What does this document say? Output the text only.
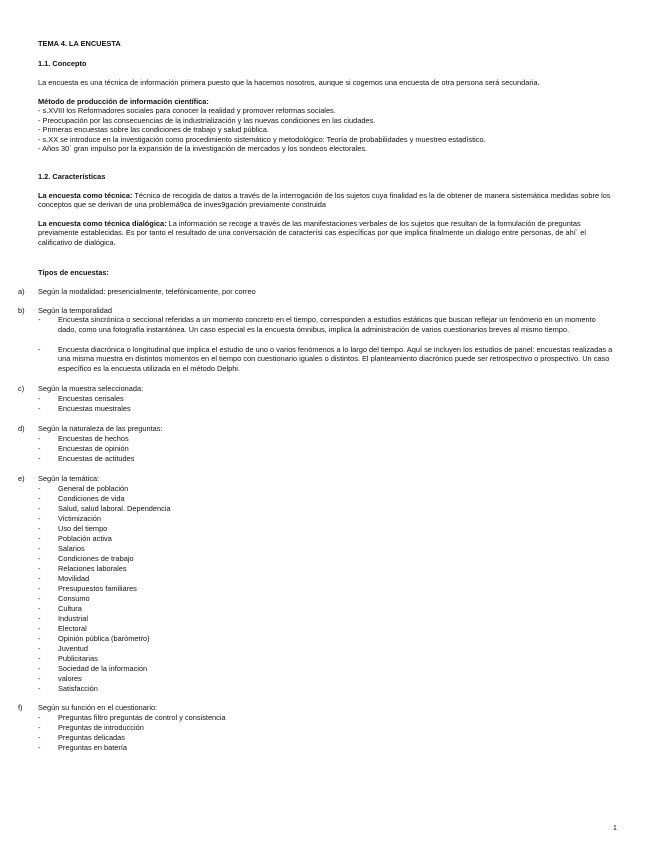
TEMA 4. LA ENCUESTA
1.1. Concepto
La encuesta es una técnica de información primera puesto que la hacemos nosotros, aunque si cogemos una encuesta de otra persona será secundaria.
Método de producción de información científica:
- s.XVIII los Reformadores sociales para conocer la realidad y promover reformas sociales.
- Preocupación por las consecuencias de la industrialización y las nuevas condiciones en las ciudades.
- Primeras encuestas sobre las condiciones de trabajo y salud pública.
- s.XX se introduce en la investigación como procedimiento sistemático y metodológico: Teoría de probabilidades y muestreo estadístico.
- Años 30´ gran impulso por la expansión de la investigación de mercados y los sondeos electorales.
1.2. Características
La encuesta como técnica: Técnica de recogida de datos a través de la interrogación de los sujetos cuya finalidad es la de obtener de manera sistemática medidas sobre los conceptos que se derivan de una problemá9ca de inves9gación previamente construida
La encuesta como técnica dialógica: La información se recoge a través de las manifestaciones verbales de los sujetos que resultan de la formulación de preguntas previamente establecidas. Es por tanto el resultado de una conversación de caracterísi cas específicas por que implica finalmente un dialogo entre personas, de ahí´ el calificativo de dialógica.
Tipos de encuestas:
a) Según la modalidad: presencialmente, telefónicamente, por correo
b) Según la temporalidad
- Encuesta sincrónica o seccional referidas a un momento concreto en el tiempo, corresponden a estudios estáticos que buscan reflejar un fenómeno en un momento dado, como una fotografía instantánea. Un caso especial es la encuesta ómnibus, implica la administración de varios cuestionarios breves al mismo tiempo.
- Encuesta diacrónica o longitudinal que implica el estudio de uno o varios fenómenos a lo largo del tiempo. Aquí se incluyen los estudios de panel: encuestas realizadas a una misma muestra en distintos momentos en el tiempo con cuestionario iguales o distintos. El planteamiento diacrónico puede ser retrospectivo o prospectivo. Un caso específico es la encuesta utilizada en el método Delphi.
c) Según la muestra seleccionada:
- Encuestas censales
- Encuestas muestrales
d) Según la naturaleza de las preguntas:
- Encuestas de hechos
- Encuestas de opinión
- Encuestas de actitudes
e) Según la temática:
- General de población
- Condiciones de vida
- Salud, salud laboral. Dependencia
- Victimización
- Uso del tiempo
- Población activa
- Salarios
- Condiciones de trabajo
- Relaciones laborales
- Movilidad
- Presupuestos familiares
- Consumo
- Cultura
- Industrial
- Electoral
- Opinión pública (barómetro)
- Juventud
- Publicitarias
- Sociedad de la información
- valores
- Satisfacción
f) Según su función en el cuestionario:
- Preguntas filtro preguntas de control y consistencia
- Preguntas de introducción
- Preguntas delicadas
- Preguntas en batería
1
